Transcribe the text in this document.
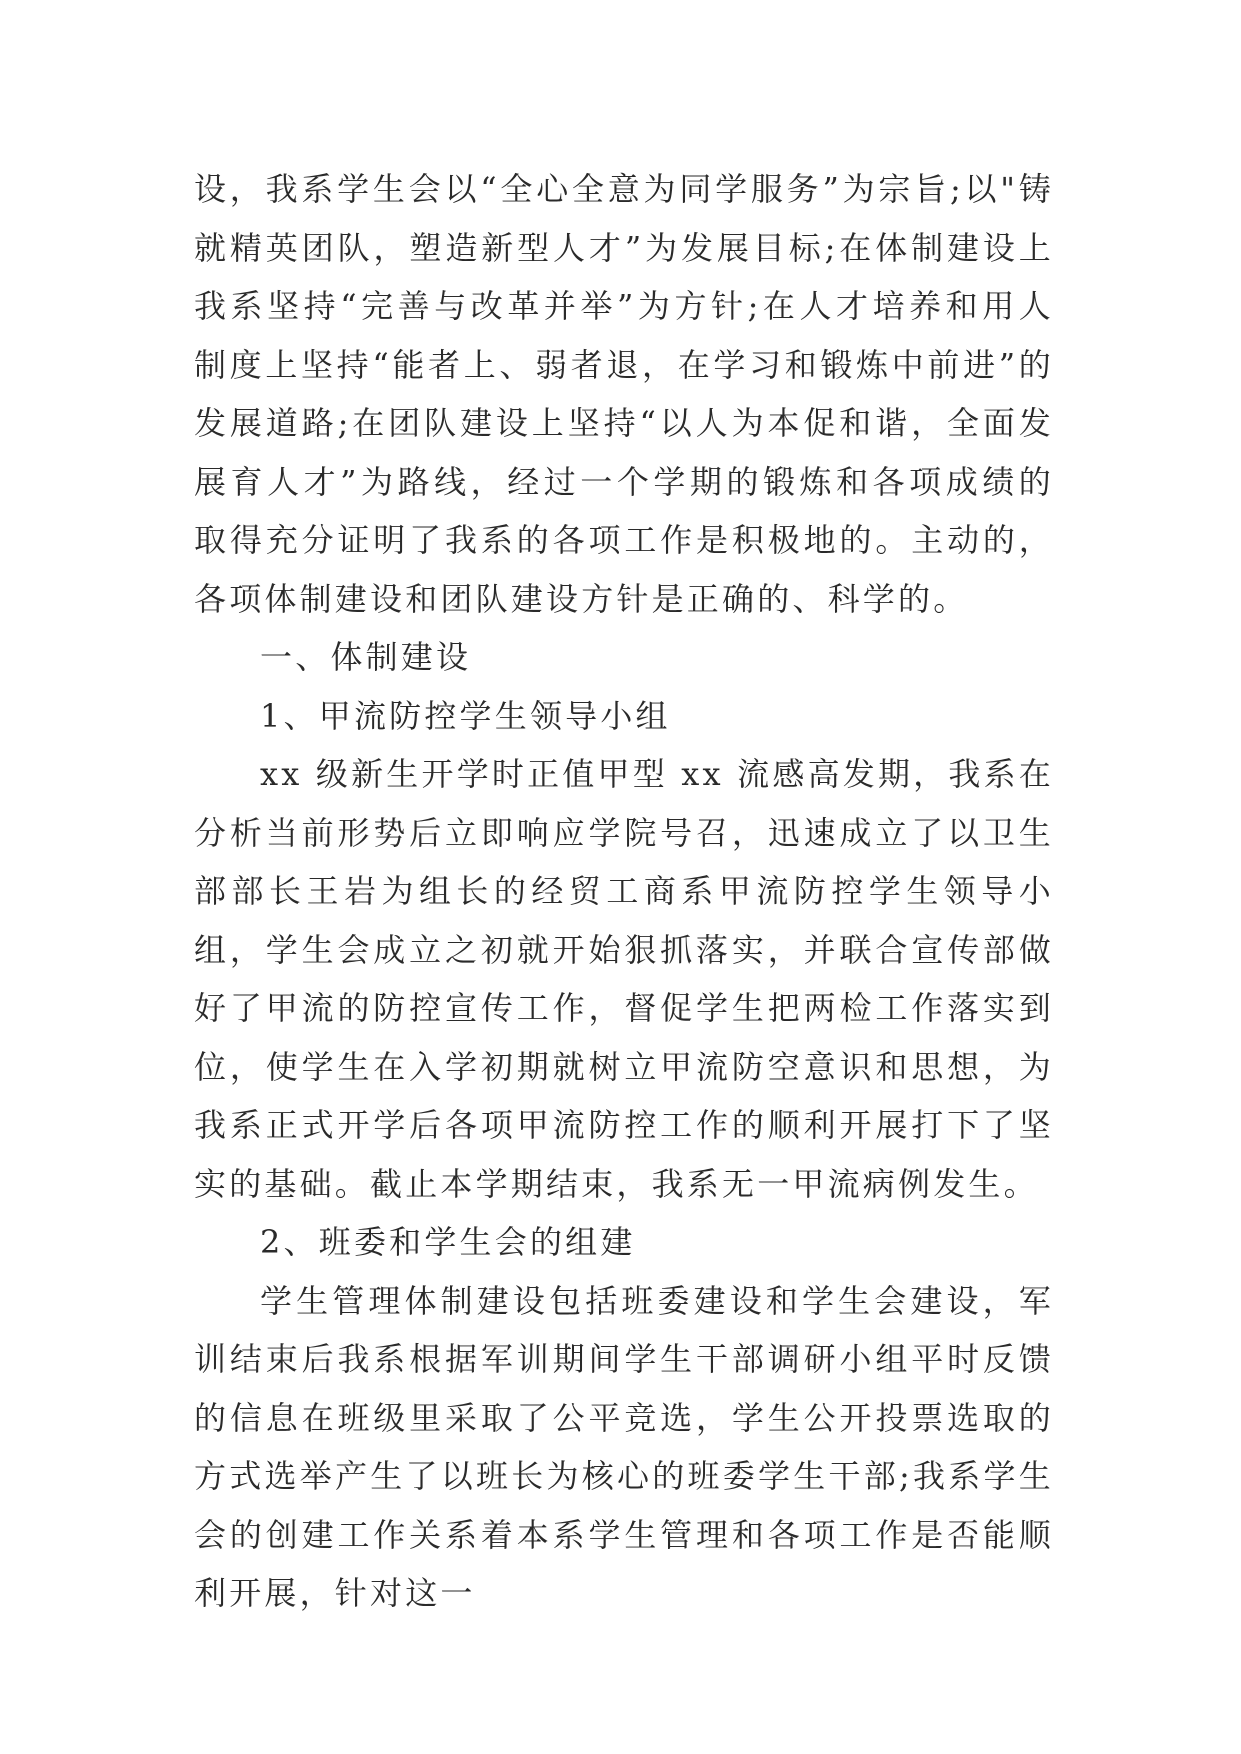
设，我系学生会以“全心全意为同学服务”为宗旨;以"铸就精英团队，塑造新型人才”为发展目标;在体制建设上我系坚持“完善与改革并举”为方针;在人才培养和用人制度上坚持“能者上、弱者退，在学习和锻炼中前进”的发展道路;在团队建设上坚持“以人为本促和谐，全面发展育人才”为路线，经过一个学期的锻炼和各项成绩的取得充分证明了我系的各项工作是积极地的。主动的，各项体制建设和团队建设方针是正确的、科学的。

一、体制建设

1、甲流防控学生领导小组

xx 级新生开学时正值甲型 xx 流感高发期，我系在分析当前形势后立即响应学院号召，迅速成立了以卫生部部长王岩为组长的经贸工商系甲流防控学生领导小组，学生会成立之初就开始狠抓落实，并联合宣传部做好了甲流的防控宣传工作，督促学生把两检工作落实到位，使学生在入学初期就树立甲流防空意识和思想，为我系正式开学后各项甲流防控工作的顺利开展打下了坚实的基础。截止本学期结束，我系无一甲流病例发生。

2、班委和学生会的组建

学生管理体制建设包括班委建设和学生会建设，军训结束后我系根据军训期间学生干部调研小组平时反馈的信息在班级里采取了公平竞选，学生公开投票选取的方式选举产生了以班长为核心的班委学生干部;我系学生会的创建工作关系着本系学生管理和各项工作是否能顺利开展，针对这一
